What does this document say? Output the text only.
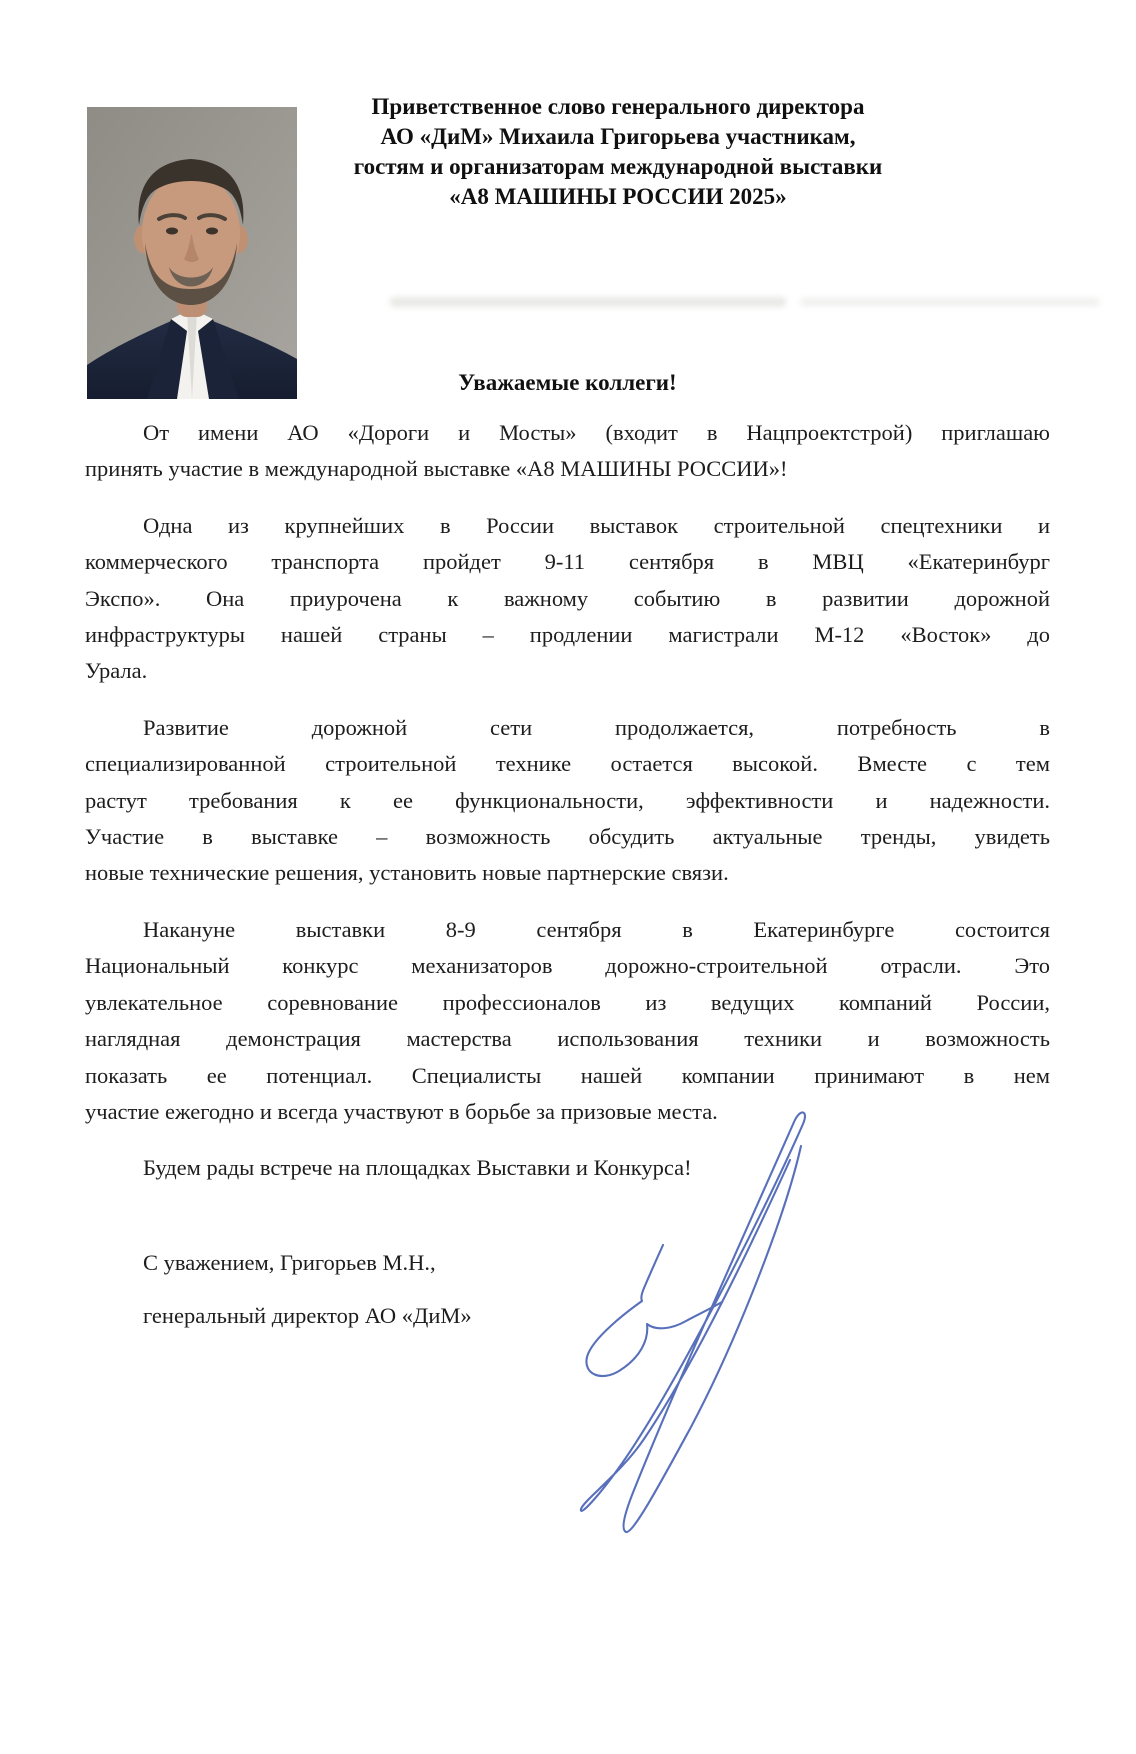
Приветственное слово генерального директора
АО «ДиМ» Михаила Григорьева участникам,
гостям и организаторам международной выставки
«А8 МАШИНЫ РОССИИ 2025»
Уважаемые коллеги!
От имени АО «Дороги и Мосты» (входит в Нацпроектстрой) приглашаю
принять участие в международной выставке «А8 МАШИНЫ РОССИИ»!
Одна из крупнейших в России выставок строительной спецтехники и
коммерческого транспорта пройдет 9-11 сентября в МВЦ «Екатеринбург
Экспо». Она приурочена к важному событию в развитии дорожной
инфраструктуры нашей страны – продлении магистрали М-12 «Восток» до
Урала.
Развитие дорожной сети продолжается, потребность в
специализированной строительной технике остается высокой. Вместе с тем
растут требования к ее функциональности, эффективности и надежности.
Участие в выставке – возможность обсудить актуальные тренды, увидеть
новые технические решения, установить новые партнерские связи.
Накануне выставки 8-9 сентября в Екатеринбурге состоится
Национальный конкурс механизаторов дорожно-строительной отрасли. Это
увлекательное соревнование профессионалов из ведущих компаний России,
наглядная демонстрация мастерства использования техники и возможность
показать ее потенциал. Специалисты нашей компании принимают в нем
участие ежегодно и всегда участвуют в борьбе за призовые места.
Будем рады встрече на площадках Выставки и Конкурса!
С уважением, Григорьев М.Н.,
генеральный директор АО «ДиМ»
